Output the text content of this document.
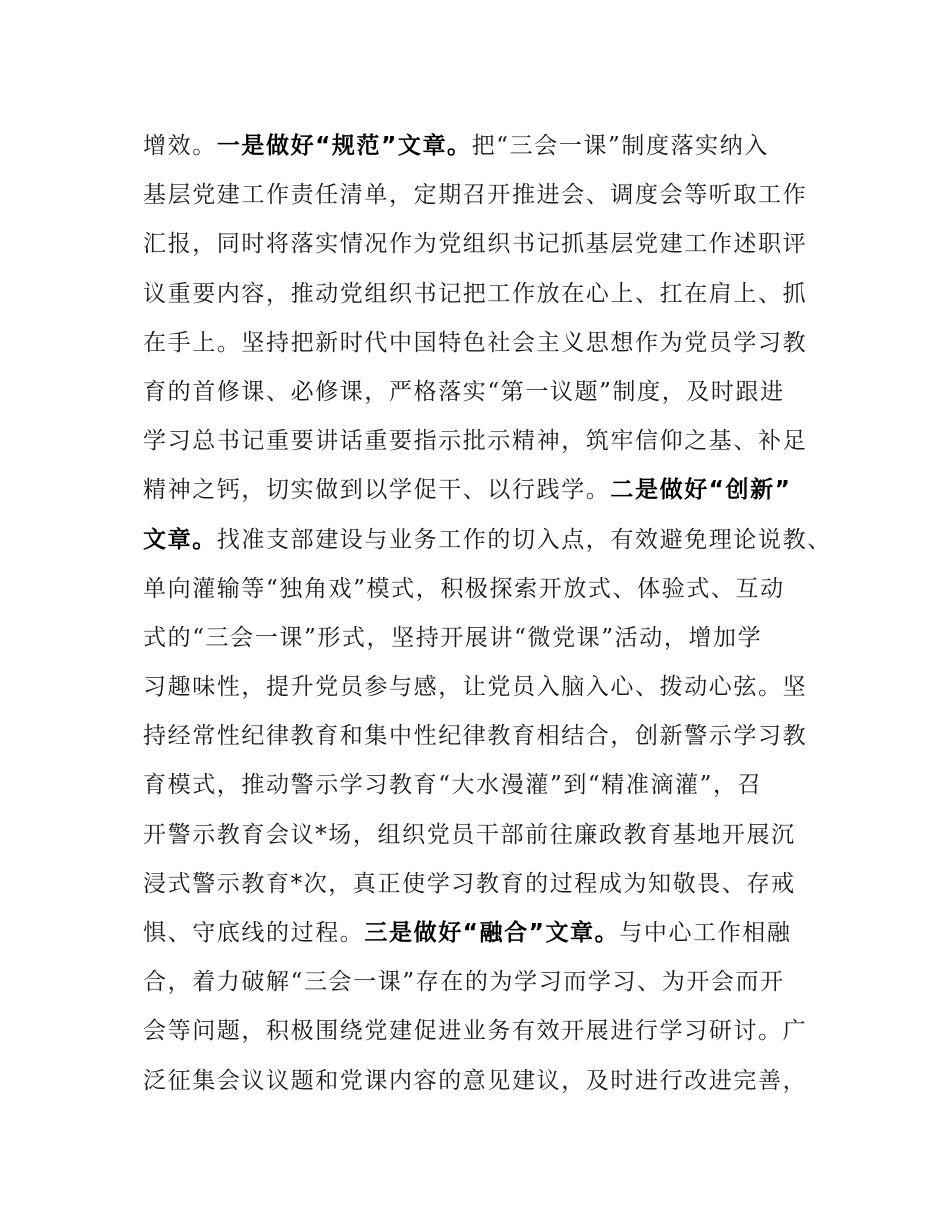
增效。一是做好“规范”文章。把“三会一课”制度落实纳入
基层党建工作责任清单，定期召开推进会、调度会等听取工作
汇报，同时将落实情况作为党组织书记抓基层党建工作述职评
议重要内容，推动党组织书记把工作放在心上、扛在肩上、抓
在手上。坚持把新时代中国特色社会主义思想作为党员学习教
育的首修课、必修课，严格落实“第一议题”制度，及时跟进
学习总书记重要讲话重要指示批示精神，筑牢信仰之基、补足
精神之钙，切实做到以学促干、以行践学。二是做好“创新”
文章。找准支部建设与业务工作的切入点，有效避免理论说教、
单向灌输等“独角戏”模式，积极探索开放式、体验式、互动
式的“三会一课”形式，坚持开展讲“微党课”活动，增加学
习趣味性，提升党员参与感，让党员入脑入心、拨动心弦。坚
持经常性纪律教育和集中性纪律教育相结合，创新警示学习教
育模式，推动警示学习教育“大水漫灌”到“精准滴灌”，召
开警示教育会议*场，组织党员干部前往廉政教育基地开展沉
浸式警示教育*次，真正使学习教育的过程成为知敬畏、存戒
惧、守底线的过程。三是做好“融合”文章。与中心工作相融
合，着力破解“三会一课”存在的为学习而学习、为开会而开
会等问题，积极围绕党建促进业务有效开展进行学习研讨。广
泛征集会议议题和党课内容的意见建议，及时进行改进完善，
